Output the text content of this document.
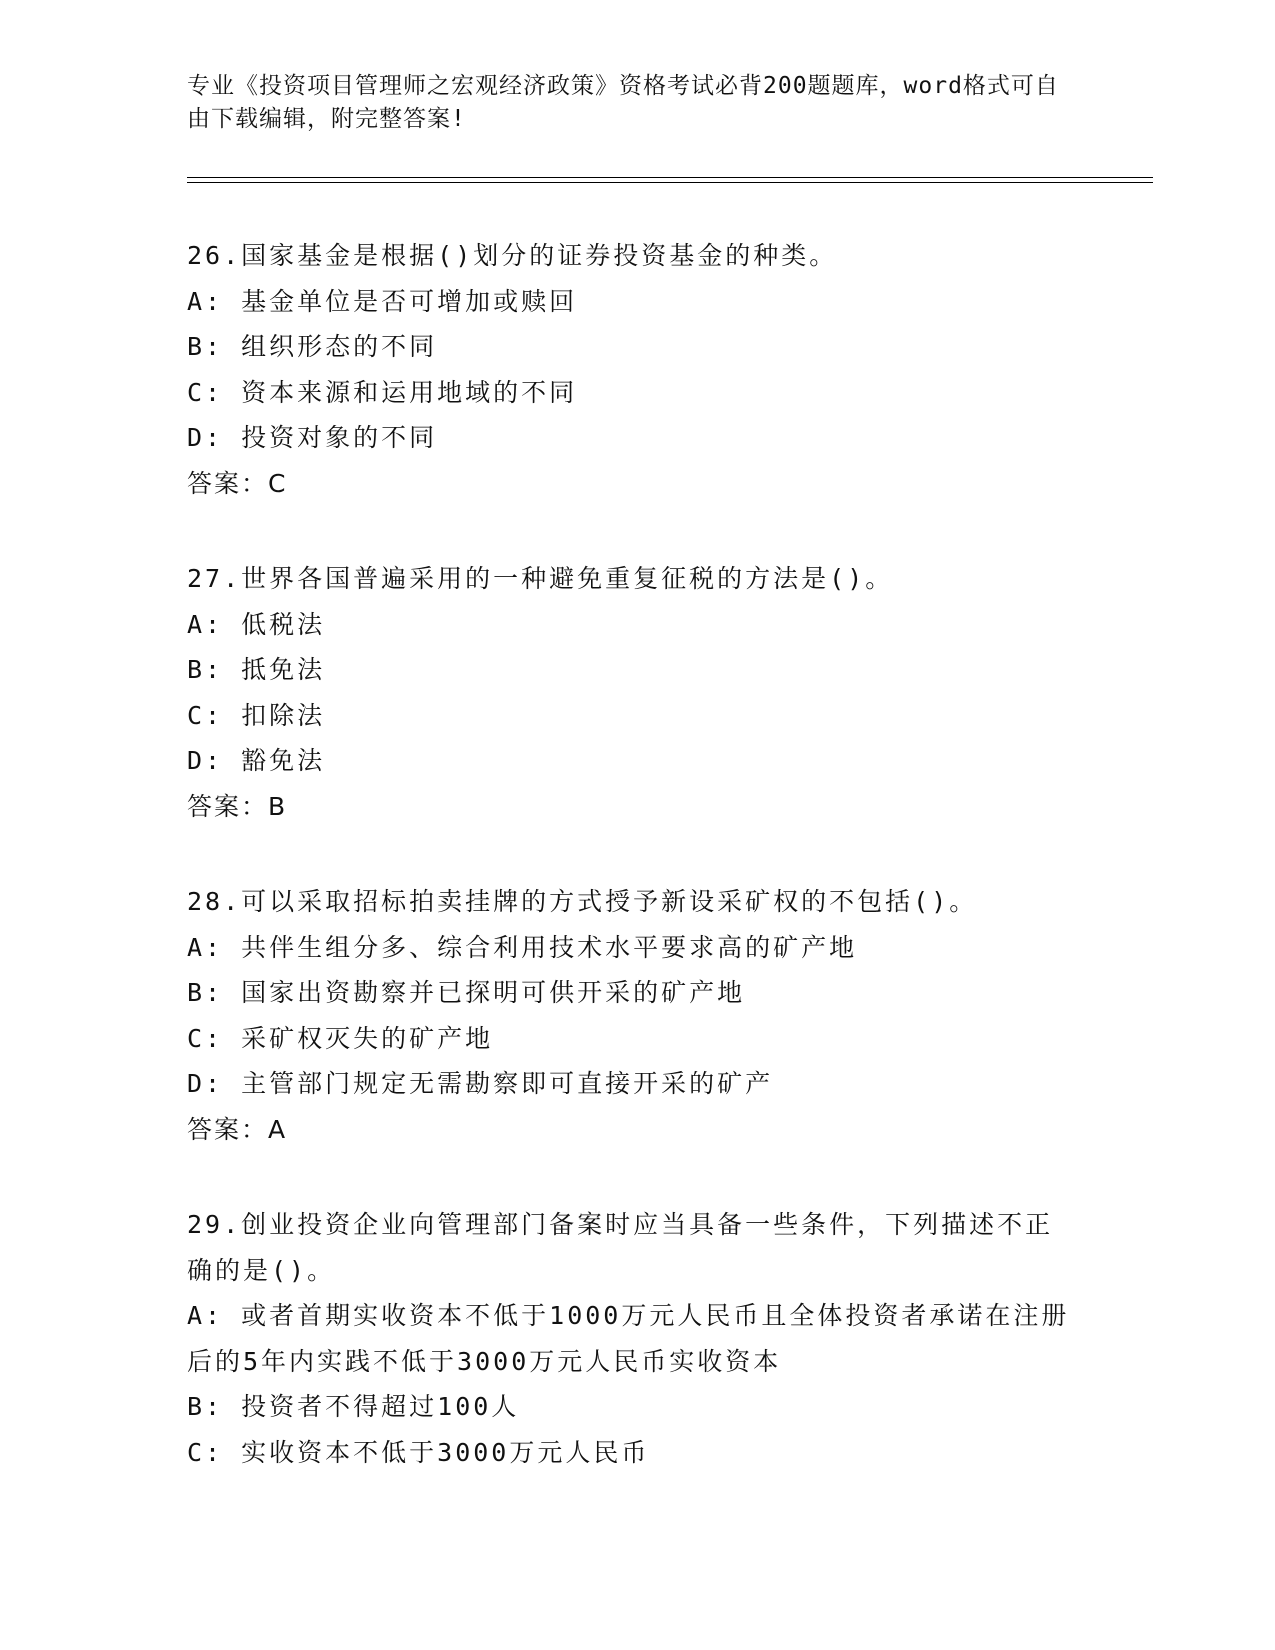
专业《投资项目管理师之宏观经济政策》资格考试必背200题题库，word格式可自由下载编辑，附完整答案!
26.国家基金是根据()划分的证券投资基金的种类。
A: 基金单位是否可增加或赎回
B: 组织形态的不同
C: 资本来源和运用地域的不同
D: 投资对象的不同
答案：C
27.世界各国普遍采用的一种避免重复征税的方法是()。
A: 低税法
B: 抵免法
C: 扣除法
D: 豁免法
答案：B
28.可以采取招标拍卖挂牌的方式授予新设采矿权的不包括()。
A: 共伴生组分多、综合利用技术水平要求高的矿产地
B: 国家出资勘察并已探明可供开采的矿产地
C: 采矿权灭失的矿产地
D: 主管部门规定无需勘察即可直接开采的矿产
答案：A
29.创业投资企业向管理部门备案时应当具备一些条件，下列描述不正确的是()。
A: 或者首期实收资本不低于1000万元人民币且全体投资者承诺在注册后的5年内实践不低于3000万元人民币实收资本
B: 投资者不得超过100人
C: 实收资本不低于3000万元人民币
